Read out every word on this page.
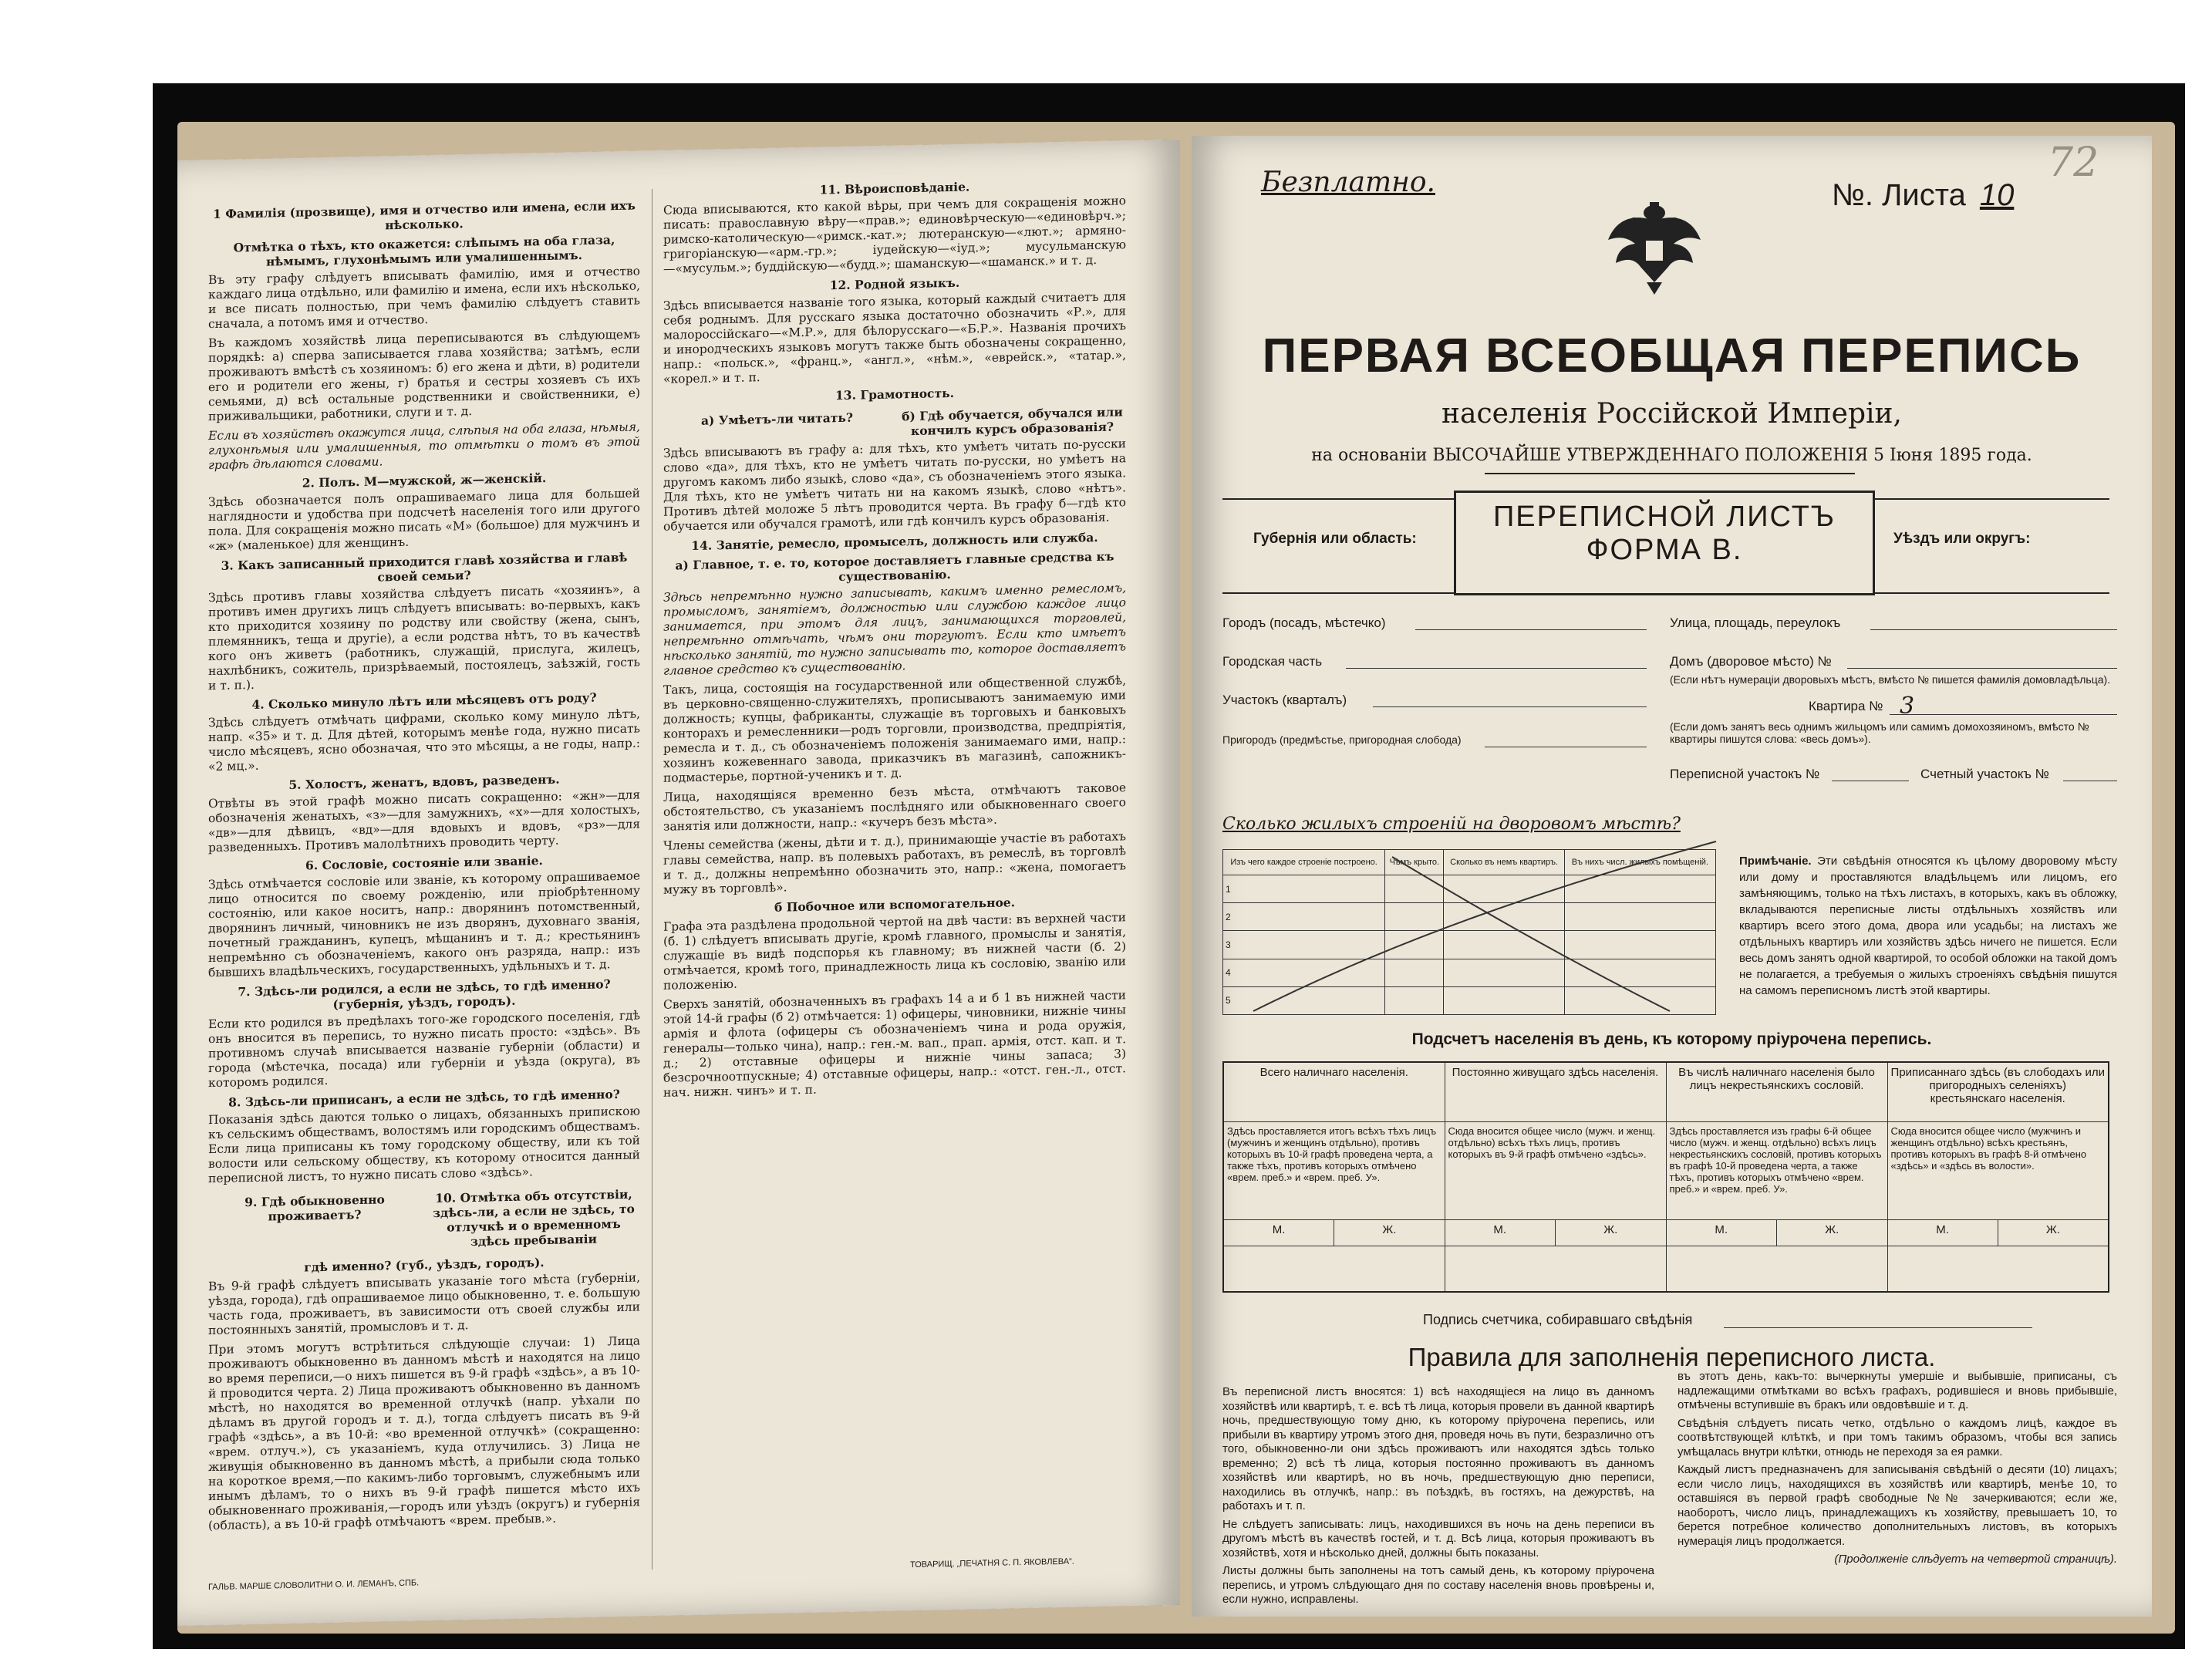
1 Фамилія (прозвище), имя и отчество или имена, если ихъ нѣсколько.
Отмѣтка о тѣхъ, кто окажется: слѣпымъ на оба глаза, нѣмымъ, глухонѣмымъ или умалишеннымъ.

Въ эту графу слѣдуетъ вписывать фамилію, имя и отчество каждаго лица отдѣльно, или фамилію и имена, если ихъ нѣсколько, и все писать полностью, при чемъ фамилію слѣдуетъ ставить сначала, а потомъ имя и отчество.

Въ каждомъ хозяйствѣ лица переписываются въ слѣдующемъ порядкѣ: а) сперва записывается глава хозяйства; затѣмъ, если проживаютъ вмѣстѣ съ хозяиномъ: б) его жена и дѣти, в) родители его и родители его жены, г) братья и сестры хозяевъ съ ихъ семьями, д) всѣ остальные родственники и свойственники, е) приживальщики, работники, слуги и т. д.

Если въ хозяйствѣ окажутся лица, слѣпыя на оба глаза, нѣмыя, глухонѣмыя или умалишенныя, то отмѣтки о томъ въ этой графѣ дѣлаются словами.

2. Полъ. М—мужской, ж—женскій.

Здѣсь обозначается полъ опрашиваемаго лица для большей наглядности и удобства при подсчетѣ населенія того или другого пола. Для сокращенія можно писать «М» (большое) для мужчинъ и «ж» (маленькое) для женщинъ.

3. Какъ записанный приходится главѣ хозяйства и главѣ своей семьи?

Здѣсь противъ главы хозяйства слѣдуетъ писать «хозяинъ», а противъ имен другихъ лицъ слѣдуетъ вписывать: во-первыхъ, какъ кто приходится хозяину по родству или свойству (жена, сынъ, племянникъ, теща и другіе), а если родства нѣтъ, то въ качествѣ кого онъ живетъ (работникъ, служащій, прислуга, жилецъ, нахлѣбникъ, сожитель, призрѣваемый, постоялецъ, заѣзжій, гость и т. п.).

4. Сколько минуло лѣтъ или мѣсяцевъ отъ роду?

Здѣсь слѣдуетъ отмѣчать цифрами, сколько кому минуло лѣтъ, напр. «35» и т. д. Для дѣтей, которымъ менѣе года, нужно писать число мѣсяцевъ, ясно обозначая, что это мѣсяцы, а не годы, напр.: «2 мц.».

5. Холостъ, женатъ, вдовъ, разведенъ.

Отвѣты въ этой графѣ можно писать сокращенно: «жн»—для обозначенія женатыхъ, «з»—для замужнихъ, «х»—для холостыхъ, «дв»—для дѣвицъ, «вд»—для вдовыхъ и вдовъ, «рз»—для разведенныхъ. Противъ малолѣтнихъ проводить черту.

6. Сословіе, состояніе или званіе.

Здѣсь отмѣчается сословіе или званіе, къ которому опрашиваемое лицо относится по своему рожденію, или пріобрѣтенному состоянію, или какое носитъ, напр.: дворянинъ потомственный, дворянинъ личный, чиновникъ не изъ дворянъ, духовнаго званія, почетный гражданинъ, купецъ, мѣщанинъ и т. д.; крестьянинъ непремѣнно съ обозначеніемъ, какого онъ разряда, напр.: изъ бывшихъ владѣльческихъ, государственныхъ, удѣльныхъ и т. д.

7. Здѣсь-ли родился, а если не здѣсь, то гдѣ именно? (губернія, уѣздъ, городъ).

Если кто родился въ предѣлахъ того-же городского поселенія, гдѣ онъ вносится въ перепись, то нужно писать просто: «здѣсь». Въ противномъ случаѣ вписывается названіе губерніи (области) и города (мѣстечка, посада) или губерніи и уѣзда (округа), въ которомъ родился.

8. Здѣсь-ли приписанъ, а если не здѣсь, то гдѣ именно?

Показанія здѣсь даются только о лицахъ, обязанныхъ припискою къ сельскимъ обществамъ, волостямъ или городскимъ обществамъ. Если лица приписаны къ тому городскому обществу, или къ той волости или сельскому обществу, къ которому относится данный переписной листъ, то нужно писать слово «здѣсь».

9. Гдѣ обыкновенно проживаетъ?
10. Отмѣтка объ отсутствіи, здѣсь-ли, а если не здѣсь, то отлучкѣ и о временномъ здѣсь пребываніи
гдѣ именно? (губ., уѣздъ, городъ).

Въ 9-й графѣ слѣдуетъ вписывать указаніе того мѣста (губерніи, уѣзда, города), гдѣ опрашиваемое лицо обыкновенно, т. е. большую часть года, проживаетъ, въ зависимости отъ своей службы или постоянныхъ занятій, промысловъ и т. д.

При этомъ могутъ встрѣтиться слѣдующіе случаи: 1) Лица проживаютъ обыкновенно въ данномъ мѣстѣ и находятся на лицо во время переписи,—о нихъ пишется въ 9-й графѣ «здѣсь», а въ 10-й проводится черта. 2) Лица проживаютъ обыкновенно въ данномъ мѣстѣ, но находятся во временной отлучкѣ (напр. уѣхали по дѣламъ въ другой городъ и т. д.), тогда слѣдуетъ писать въ 9-й графѣ «здѣсь», а въ 10-й: «во временной отлучкѣ» (сокращенно: «врем. отлуч.»), съ указаніемъ, куда отлучились. 3) Лица не живущія обыкновенно въ данномъ мѣстѣ, а прибыли сюда только на короткое время,—по какимъ-либо торговымъ, служебнымъ или инымъ дѣламъ, то о нихъ въ 9-й графѣ пишется мѣсто ихъ обыкновеннаго проживанія,—городъ или уѣздъ (округъ) и губернія (область), а въ 10-й графѣ отмѣчаютъ «врем. пребыв.».

ГАЛЬВ. МАРШЕ СЛОВОЛИТНИ О. И. ЛЕМАНЪ, СПБ.
11. Вѣроисповѣданіе.

Сюда вписываются, кто какой вѣры, при чемъ для сокращенія можно писать: православную вѣру—«прав.»; единовѣрческую—«единовѣрч.»; римско-католическую—«римск.-кат.»; лютеранскую—«лют.»; армяно-григоріанскую—«арм.-гр.»; іудейскую—«іуд.»; мусульманскую—«мусульм.»; буддійскую—«будд.»; шаманскую—«шаманск.» и т. д.

12. Родной языкъ.

Здѣсь вписывается названіе того языка, который каждый считаетъ для себя роднымъ. Для русскаго языка достаточно обозначить «Р.», для малороссійскаго—«М.Р.», для бѣлорусскаго—«Б.Р.». Названія прочихъ и инородческихъ языковъ могутъ также быть обозначены сокращенно, напр.: «польск.», «франц.», «англ.», «нѣм.», «еврейск.», «татар.», «корел.» и т. п.

13. Грамотность.
а) Умѣетъ-ли читать?	б) Гдѣ обучается, обучался или кончилъ курсъ образованія?

Здѣсь вписываютъ въ графу а: для тѣхъ, кто умѣетъ читать по-русски слово «да», для тѣхъ, кто не умѣетъ читать по-русски, но умѣетъ на другомъ какомъ либо языкѣ, слово «да», съ обозначеніемъ этого языка. Для тѣхъ, кто не умѣетъ читать ни на какомъ языкѣ, слово «нѣтъ». Противъ дѣтей моложе 5 лѣтъ проводится черта. Въ графу б—гдѣ кто обучается или обучался грамотѣ, или гдѣ кончилъ курсъ образованія.

14. Занятіе, ремесло, промыселъ, должность или служба.
а) Главное, т. е. то, которое доставляетъ главные средства къ существованію.

Здѣсь непремѣнно нужно записывать, какимъ именно ремесломъ, промысломъ, занятіемъ, должностью или службою каждое лицо занимается, при этомъ для лицъ, занимающихся торговлей, непремѣнно отмѣчать, чѣмъ они торгуютъ. Если кто имѣетъ нѣсколько занятій, то нужно записывать то, которое доставляетъ главное средство къ существованію.

Такъ, лица, состоящія на государственной или общественной службѣ, въ церковно-священно-служителяхъ, прописываютъ занимаемую ими должность; купцы, фабриканты, служащіе въ торговыхъ и банковыхъ конторахъ и ремесленники—родъ торговли, производства, предпріятія, ремесла и т. д., съ обозначеніемъ положенія занимаемаго ими, напр.: хозяинъ кожевеннаго завода, приказчикъ въ магазинѣ, сапожникъ-подмастерье, портной-ученикъ и т. д.

Лица, находящіяся временно безъ мѣста, отмѣчаютъ таковое обстоятельство, съ указаніемъ послѣдняго или обыкновеннаго своего занятія или должности, напр.: «кучеръ безъ мѣста».

Члены семейства (жены, дѣти и т. д.), принимающіе участіе въ работахъ главы семейства, напр. въ полевыхъ работахъ, въ ремеслѣ, въ торговлѣ и т. д., должны непремѣнно обозначить это, напр.: «жена, помогаетъ мужу въ торговлѣ».

б Побочное или вспомогательное.

Графа эта раздѣлена продольной чертой на двѣ части: въ верхней части (б. 1) слѣдуетъ вписывать другіе, кромѣ главного, промыслы и занятія, служащіе въ видѣ подспорья къ главному; въ нижней части (б. 2) отмѣчается, кромѣ того, принадлежность лица къ сословію, званію или положенію.

Сверхъ занятій, обозначенныхъ въ графахъ 14 а и б 1 въ нижней части этой 14-й графы (б 2) отмѣчается: 1) офицеры, чиновники, нижніе чины армія и флота (офицеры съ обозначеніемъ чина и рода оружія, генералы—только чина), напр.: ген.-м. вап., прап. армія, отст. кап. и т. д.; 2) отставные офицеры и нижніе чины запаса; 3) безсрочноотпускные; 4) отставные офицеры, напр.: «отст. ген.-л., отст. нач. нижн. чинъ» и т. п.

ТОВАРИЩ. „ПЕЧАТНЯ С. П. ЯКОВЛЕВА“.
72
Безплатно.	№. Листа 10
ПЕРВАЯ ВСЕОБЩАЯ ПЕРЕПИСЬ
населенія Россійской Имперіи,
на основаніи ВЫСОЧАЙШЕ УТВЕРЖДЕННАГО ПОЛОЖЕНІЯ 5 Іюня 1895 года.
Губернія или область:
ПЕРЕПИСНОЙ ЛИСТЪ
ФОРМА В.	Уѣздъ или округъ:
Городъ (посадъ, мѣстечко)
Городская часть
Участокъ (кварталъ)
Пригородъ (предмѣстье, пригородная слобода)
Улица, площадь, переулокъ
Домъ (дворовое мѣсто) №
(Если нѣтъ нумераціи дворовыхъ мѣстъ, вмѣсто № пишется фамилія домовладѣльца).
Квартира № 3
(Если домъ занятъ весь однимъ жильцомъ или самимъ домохозяиномъ, вмѣсто № квартиры пишутся слова: «весь домъ»).
Переписной участокъ №	Счетный участокъ №
Сколько жилыхъ строеній на дворовомъ мѣстѣ?
Изъ чего каждое строеніе построено.	Чѣмъ крыто.	Сколько въ немъ квартиръ.	Въ нихъ числ. жилыхъ помѣщеній.
1			
2			
3			
4			
5			
Примѣчаніе. Эти свѣдѣнія относятся къ цѣлому дворовому мѣсту или дому и проставляются владѣльцемъ или лицомъ, его замѣняющимъ, только на тѣхъ листахъ, в которыхъ, какъ въ обложку, вкладываются переписные листы отдѣльныхъ хозяйствъ или квартиръ всего этого дома, двора или усадьбы; на листахъ же отдѣльныхъ квартиръ или хозяйствъ здѣсь ничего не пишется. Если весь домъ занятъ одной квартирой, то особой обложки на такой домъ не полагается, а требуемыя о жилыхъ строеніяхъ свѣдѣнія пишутся на самомъ переписномъ листѣ этой квартиры.
Подсчетъ населенія въ день, къ которому пріурочена перепись.
Всего наличнаго населенія.	Постоянно живущаго здѣсь населенія.	Въ числѣ наличнаго населенія было лицъ некрестьянскихъ сословій.	Приписаннаго здѣсь (въ слободахъ или пригородныхъ селеніяхъ) крестьянскаго населенія.
Здѣсь проставляется итогъ всѣхъ тѣхъ лицъ (мужчинъ и женщинъ отдѣльно), противъ которыхъ въ 10-й графѣ проведена черта, а также тѣхъ, противъ которыхъ отмѣчено «врем. преб.» и «врем. преб. У».	Сюда вносится общее число (мужч. и женщ. отдѣльно) всѣхъ тѣхъ лицъ, противъ которыхъ въ 9-й графѣ отмѣчено «здѣсь».	Здѣсь проставляется изъ графы 6-й общее число (мужч. и женщ. отдѣльно) всѣхъ лицъ некрестьянскихъ сословій, противъ которыхъ въ графѣ 10-й проведена черта, а также тѣхъ, противъ которыхъ отмѣчено «врем. преб.» и «врем. преб. У».	Сюда вносится общее число (мужчинъ и женщинъ отдѣльно) всѣхъ крестьянъ, противъ которыхъ въ графѣ 8-й отмѣчено «здѣсь» и «здѣсь въ волости».

М.	Ж.
		М.	Ж.
		М.	Ж.
		М.	Ж.

Подпись счетчика, собиравшаго свѣдѣнія
Правила для заполненія переписного листа.

Въ переписной листъ вносятся: 1) всѣ находящіеся на лицо въ данномъ хозяйствѣ или квартирѣ, т. е. всѣ тѣ лица, которыя провели въ данной квартирѣ ночь, предшествующую тому дню, къ которому пріурочена перепись, или прибыли въ квартиру утромъ этого дня, проведя ночь въ пути, безразлично отъ того, обыкновенно-ли они здѣсь проживаютъ или находятся здѣсь только временно; 2) всѣ тѣ лица, которыя постоянно проживаютъ въ данномъ хозяйствѣ или квартирѣ, но въ ночь, предшествующую дню переписи, находились въ отлучкѣ, напр.: въ поѣздкѣ, въ гостяхъ, на дежурствѣ, на работахъ и т. п.

Не слѣдуетъ записывать: лицъ, находившихся въ ночь на день переписи въ другомъ мѣстѣ въ качествѣ гостей, и т. д. Всѣ лица, которыя проживаютъ въ хозяйствѣ, хотя и нѣсколько дней, должны быть показаны.

Листы должны быть заполнены на тотъ самый день, къ которому пріурочена перепись, и утромъ слѣдующаго дня по составу населенія вновь провѣрены и, если нужно, исправлены.

въ этотъ день, какъ-то: вычеркнуты умершіе и выбывшіе, приписаны, съ надлежащими отмѣтками во всѣхъ графахъ, родившіеся и вновь прибывшіе, отмѣчены вступившіе въ бракъ или овдовѣвшіе и т. д.

Свѣдѣнія слѣдуетъ писать четко, отдѣльно о каждомъ лицѣ, каждое въ соотвѣтствующей клѣткѣ, и при томъ такимъ образомъ, чтобы вся запись умѣщалась внутри клѣтки, отнюдь не переходя за ея рамки.

Каждый листъ предназначенъ для записыванія свѣдѣній о десяти (10) лицахъ; если число лицъ, находящихся въ хозяйствѣ или квартирѣ, менѣе 10, то оставшіяся въ первой графѣ свободные №№ зачеркиваются; если же, наоборотъ, число лицъ, принадлежащихъ къ хозяйству, превышаетъ 10, то берется потребное количество дополнительныхъ листовъ, въ которыхъ нумерація лицъ продолжается.

(Продолженіе слѣдуетъ на четвертой страницѣ).
